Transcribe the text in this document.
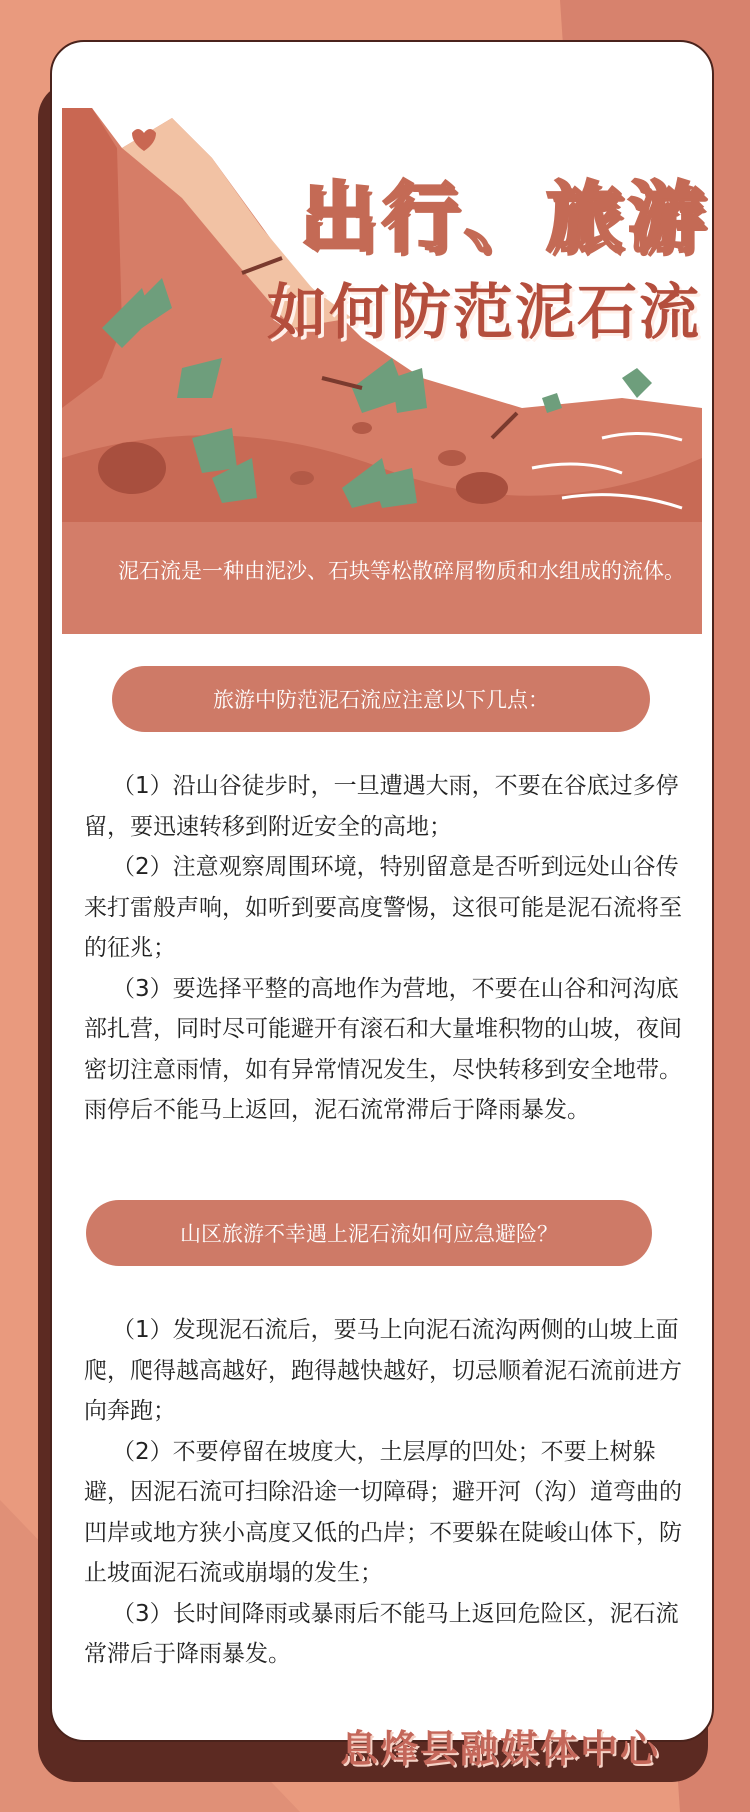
出行、旅游
如何防范泥石流

泥石流是一种由泥沙、石块等松散碎屑物质和水组成的流体。

旅游中防范泥石流应注意以下几点：

（1）沿山谷徒步时，一旦遭遇大雨，不要在谷底过多停留，要迅速转移到附近安全的高地；

（2）注意观察周围环境，特别留意是否听到远处山谷传来打雷般声响，如听到要高度警惕，这很可能是泥石流将至的征兆；

（3）要选择平整的高地作为营地，不要在山谷和河沟底部扎营，同时尽可能避开有滚石和大量堆积物的山坡，夜间密切注意雨情，如有异常情况发生，尽快转移到安全地带。雨停后不能马上返回，泥石流常滞后于降雨暴发。

山区旅游不幸遇上泥石流如何应急避险？

（1）发现泥石流后，要马上向泥石流沟两侧的山坡上面爬，爬得越高越好，跑得越快越好，切忌顺着泥石流前进方向奔跑；

（2）不要停留在坡度大，土层厚的凹处；不要上树躲避，因泥石流可扫除沿途一切障碍；避开河（沟）道弯曲的凹岸或地方狭小高度又低的凸岸；不要躲在陡峻山体下，防止坡面泥石流或崩塌的发生；

（3）长时间降雨或暴雨后不能马上返回危险区，泥石流常滞后于降雨暴发。

息烽县融媒体中心
